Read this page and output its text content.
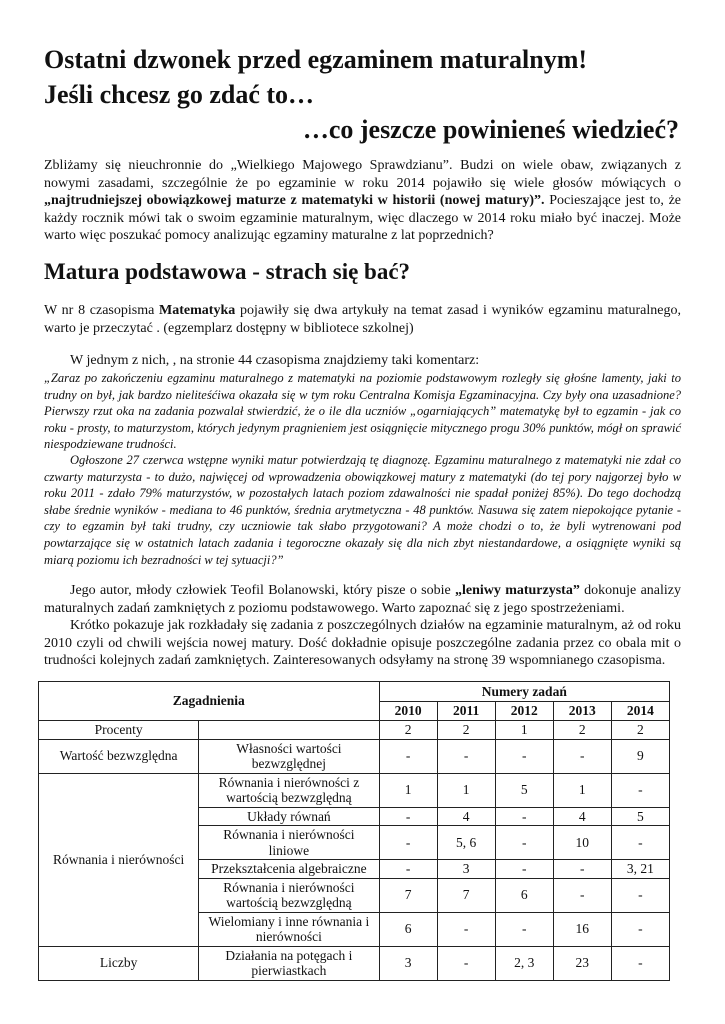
Ostatni dzwonek przed egzaminem maturalnym!
Jeśli chcesz go zdać to…
…co jeszcze powinieneś wiedzieć?
Zbliżamy się nieuchronnie do „Wielkiego Majowego Sprawdzianu”. Budzi on wiele obaw, związanych z nowymi zasadami, szczególnie że po egzaminie w roku 2014 pojawiło się wiele głosów mówiących o „najtrudniejszej obowiązkowej maturze z matematyki w historii (nowej matury)”. Pocieszające jest to, że każdy rocznik mówi tak o swoim egzaminie maturalnym, więc dlaczego w 2014 roku miało być inaczej. Może warto więc poszukać pomocy analizując egzaminy maturalne z lat poprzednich?
Matura podstawowa - strach się bać?
W nr 8 czasopisma Matematyka pojawiły się dwa artykuły na temat zasad i wyników egzaminu maturalnego, warto je przeczytać . (egzemplarz dostępny w bibliotece szkolnej)
W jednym z nich, , na stronie 44 czasopisma znajdziemy taki komentarz:
„Zaraz po zakończeniu egzaminu maturalnego z matematyki na poziomie podstawowym rozległy się głośne lamenty, jaki to trudny on był, jak bardzo nieliteśćiwa okazała się w tym roku Centralna Komisja Egzaminacyjna. Czy były ona uzasadnione? Pierwszy rzut oka na zadania pozwalał stwierdzić, że o ile dla uczniów „ogarniających” matematykę był to egzamin - jak co roku - prosty, to maturzystom, których jedynym pragnieniem jest osiągnięcie mitycznego progu 30% punktów, mógł on sprawić niespodziewane trudności.
Ogłoszone 27 czerwca wstępne wyniki matur potwierdzają tę diagnozę. Egzaminu maturalnego z matematyki nie zdał co czwarty maturzysta - to dużo, najwięcej od wprowadzenia obowiązkowej matury z matematyki (do tej pory najgorzej było w roku 2011 - zdało 79% maturzystów, w pozostałych latach poziom zdawalności nie spadał poniżej 85%). Do tego dochodzą słabe średnie wyników - mediana to 46 punktów, średnia arytmetyczna - 48 punktów. Nasuwa się zatem niepokojące pytanie - czy to egzamin był taki trudny, czy uczniowie tak słabo przygotowani? A może chodzi o to, że byli wytrenowani pod powtarzające się w ostatnich latach zadania i tegoroczne okazały się dla nich zbyt niestandardowe, a osiągnięte wyniki są miarą poziomu ich bezradności w tej sytuacji?”
Jego autor, młody człowiek Teofil Bolanowski, który pisze o sobie „leniwy maturzysta” dokonuje analizy maturalnych zadań zamkniętych z poziomu podstawowego. Warto zapoznać się z jego spostrzeżeniami.
Krótko pokazuje jak rozkładały się zadania z poszczególnych działów na egzaminie maturalnym, aż od roku 2010 czyli od chwili wejścia nowej matury. Dość dokładnie opisuje poszczególne zadania przez co obala mit o trudności kolejnych zadań zamkniętych. Zainteresowanych odsyłamy na stronę 39 wspomnianego czasopisma.
Zagadnienia		Numery zadań				
		2010	2011	2012	2013	2014
Procenty		2	2	1	2	2
Wartość bezwzględna	Własności wartości bezwzględnej	-	-	-	-	9
Równania i nierówności	Równania i nierówności z wartością bezwzględną	1	1	5	1	-
	Układy równań	-	4	-	4	5
	Równania i nierówności liniowe	-	5, 6	-	10	-
	Przekształcenia algebraiczne	-	3	-	-	3, 21
	Równania i nierówności wartością bezwzględną	7	7	6	-	-
	Wielomiany i inne równania i nierówności	6	-	-	16	-
Liczby	Działania na potęgach i pierwiastkach	3	-	2, 3	23	-
